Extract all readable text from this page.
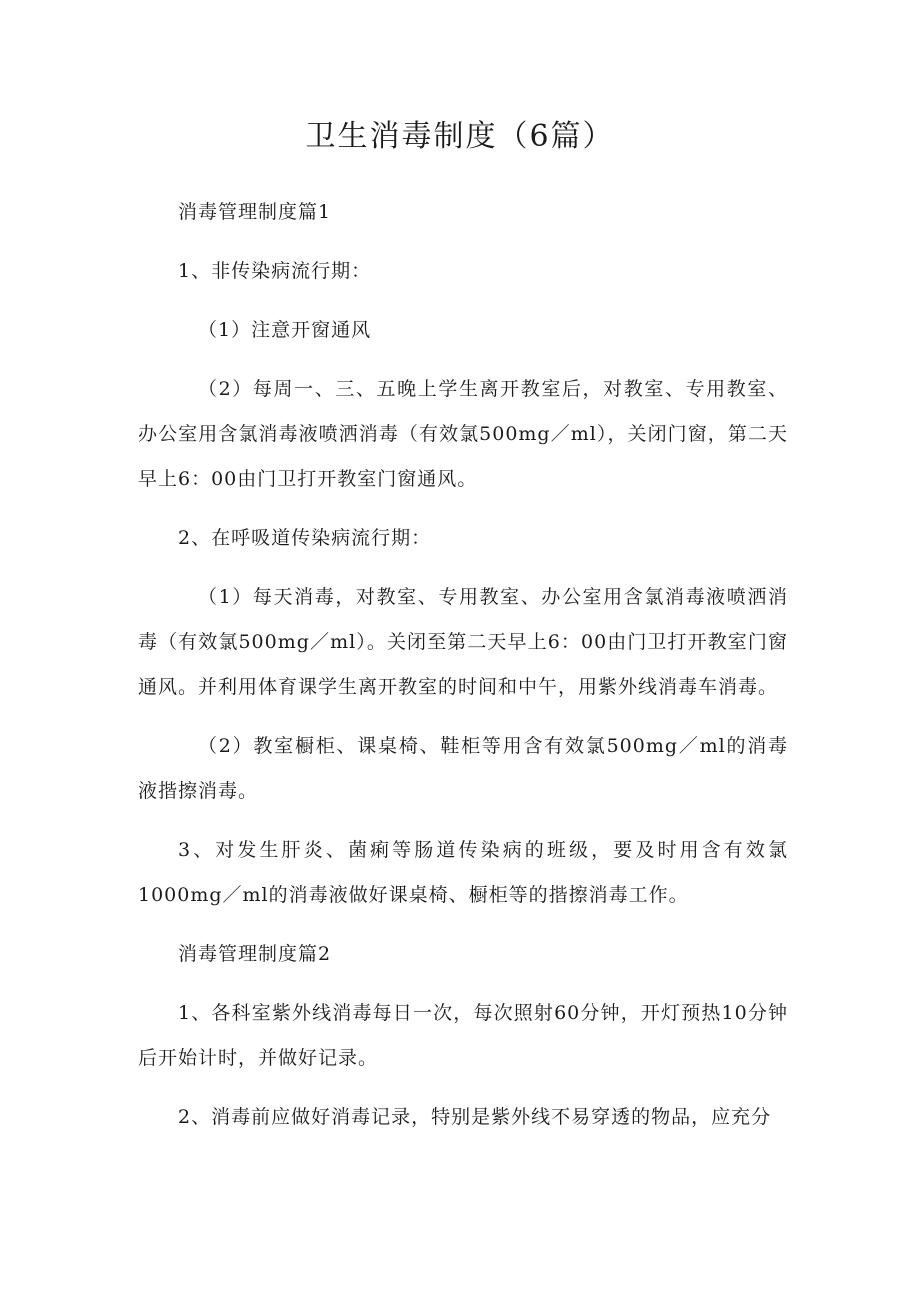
卫生消毒制度（6篇）

消毒管理制度篇1

1、非传染病流行期：

（1）注意开窗通风

（2）每周一、三、五晚上学生离开教室后，对教室、专用教室、办公室用含氯消毒液喷洒消毒（有效氯500mg／ml），关闭门窗，第二天早上6：00由门卫打开教室门窗通风。

2、在呼吸道传染病流行期：

（1）每天消毒，对教室、专用教室、办公室用含氯消毒液喷洒消毒（有效氯500mg／ml）。关闭至第二天早上6：00由门卫打开教室门窗通风。并利用体育课学生离开教室的时间和中午，用紫外线消毒车消毒。

（2）教室橱柜、课桌椅、鞋柜等用含有效氯500mg／ml的消毒液揩擦消毒。

3、对发生肝炎、菌痢等肠道传染病的班级，要及时用含有效氯1000mg／ml的消毒液做好课桌椅、橱柜等的揩擦消毒工作。

消毒管理制度篇2

1、各科室紫外线消毒每日一次，每次照射60分钟，开灯预热10分钟后开始计时，并做好记录。

2、消毒前应做好消毒记录，特别是紫外线不易穿透的物品，应充分
